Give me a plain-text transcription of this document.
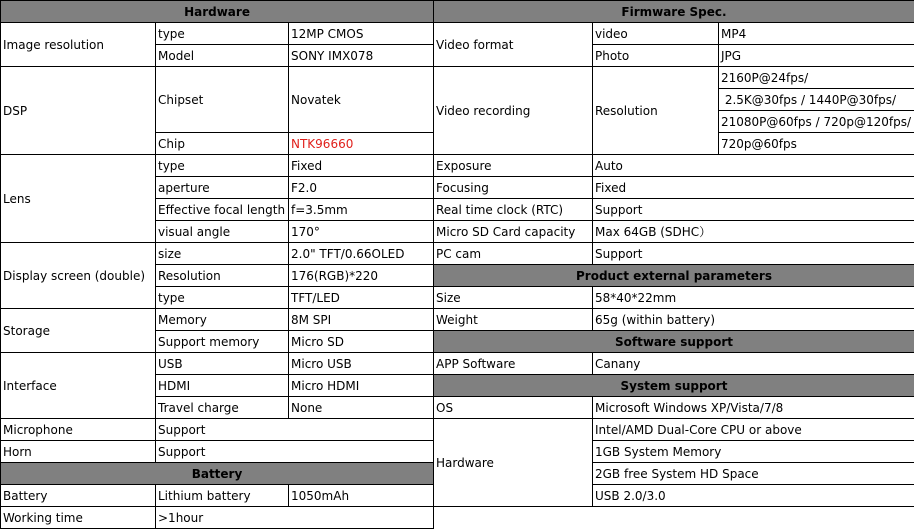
Hardware		
Image resolution	type	12MP CMOS
	Model	SONY IMX078
DSP	Chipset	Novatek
	Chip	NTK96660
Lens	type	Fixed
	aperture	F2.0
	Effective focal length	f=3.5mm
	visual angle	170°
Display screen (double)	size	2.0" TFT/0.66OLED
	Resolution	176(RGB)*220
	type	TFT/LED
Storage	Memory	8M SPI
	Support memory	Micro SD
Interface	USB	Micro USB
	HDMI	Micro HDMI
	Travel charge	None
Microphone	Support	
Horn	Support	
Battery		
Battery	Lithium battery	1050mAh
Working time	>1hour	
Firmware Spec.		
Video format	video	MP4
	Photo	JPG
Video recording	Resolution	2160P@24fps/
		2.5K@30fps / 1440P@30fps/
		21080P@60fps / 720p@120fps/
		720p@60fps
Exposure	Auto	
Focusing	Fixed	
Real time clock (RTC)	Support	
Micro SD Card capacity	Max 64GB (SDHC）	
PC cam	Support	
Product external parameters		
Size	58*40*22mm	
Weight	65g (within battery)	
Software support		
APP Software	Canany	
System support		
OS	Microsoft Windows XP/Vista/7/8	
Hardware	Intel/AMD Dual-Core CPU or above	
	1GB System Memory	
	2GB free System HD Space	
	USB 2.0/3.0	
